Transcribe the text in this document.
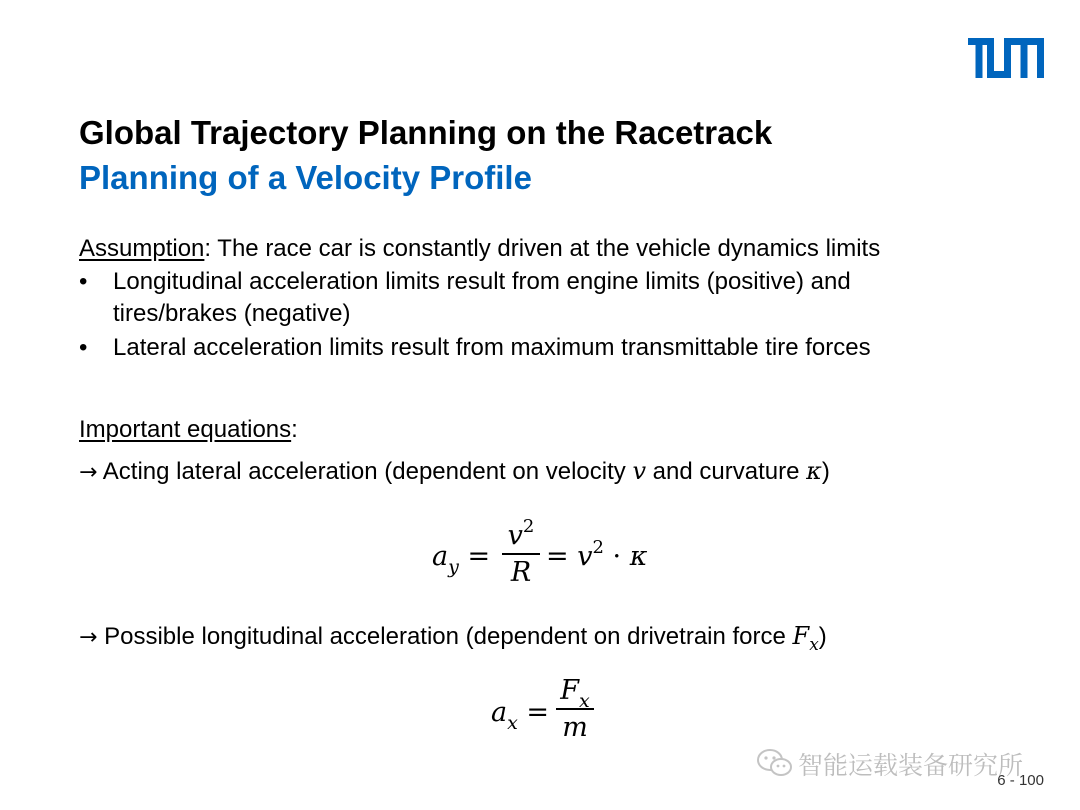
Global Trajectory Planning on the Racetrack
Planning of a Velocity Profile
Assumption: The race car is constantly driven at the vehicle dynamics limits
• Longitudinal acceleration limits result from engine limits (positive) and
tires/brakes (negative)
• Lateral acceleration limits result from maximum transmittable tire forces
Important equations:
→ Acting lateral acceleration (dependent on velocity v and curvature κ)
$a_y$ =
$v^2$
R
= $v^2 \cdot \kappa$
→ Possible longitudinal acceleration (dependent on drivetrain force $F_x$)
$a_x$ =
$F_x$
m
智能运载装备研究所
6 - 100
